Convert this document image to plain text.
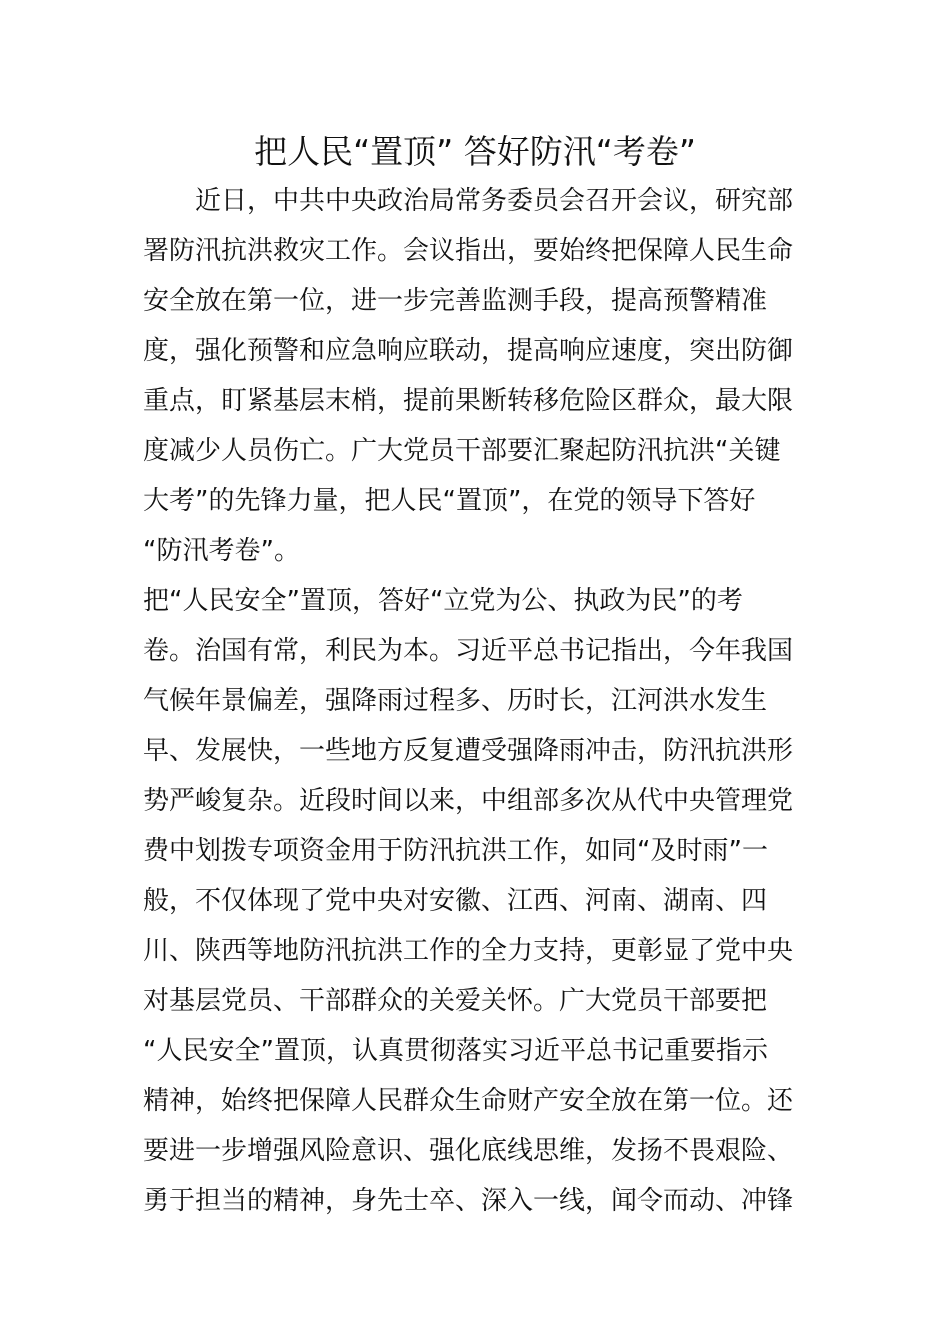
把人民“置顶” 答好防汛“考卷”
　　近日，中共中央政治局常务委员会召开会议，研究部
署防汛抗洪救灾工作。会议指出，要始终把保障人民生命
安全放在第一位，进一步完善监测手段，提高预警精准
度，强化预警和应急响应联动，提高响应速度，突出防御
重点，盯紧基层末梢，提前果断转移危险区群众，最大限
度减少人员伤亡。广大党员干部要汇聚起防汛抗洪“关键
大考”的先锋力量，把人民“置顶”，在党的领导下答好
“防汛考卷”。
把“人民安全”置顶，答好“立党为公、执政为民”的考
卷。治国有常，利民为本。习近平总书记指出，今年我国
气候年景偏差，强降雨过程多、历时长，江河洪水发生
早、发展快，一些地方反复遭受强降雨冲击，防汛抗洪形
势严峻复杂。近段时间以来，中组部多次从代中央管理党
费中划拨专项资金用于防汛抗洪工作，如同“及时雨”一
般，不仅体现了党中央对安徽、江西、河南、湖南、四
川、陕西等地防汛抗洪工作的全力支持，更彰显了党中央
对基层党员、干部群众的关爱关怀。广大党员干部要把
“人民安全”置顶，认真贯彻落实习近平总书记重要指示
精神，始终把保障人民群众生命财产安全放在第一位。还
要进一步增强风险意识、强化底线思维，发扬不畏艰险、
勇于担当的精神，身先士卒、深入一线，闻令而动、冲锋
